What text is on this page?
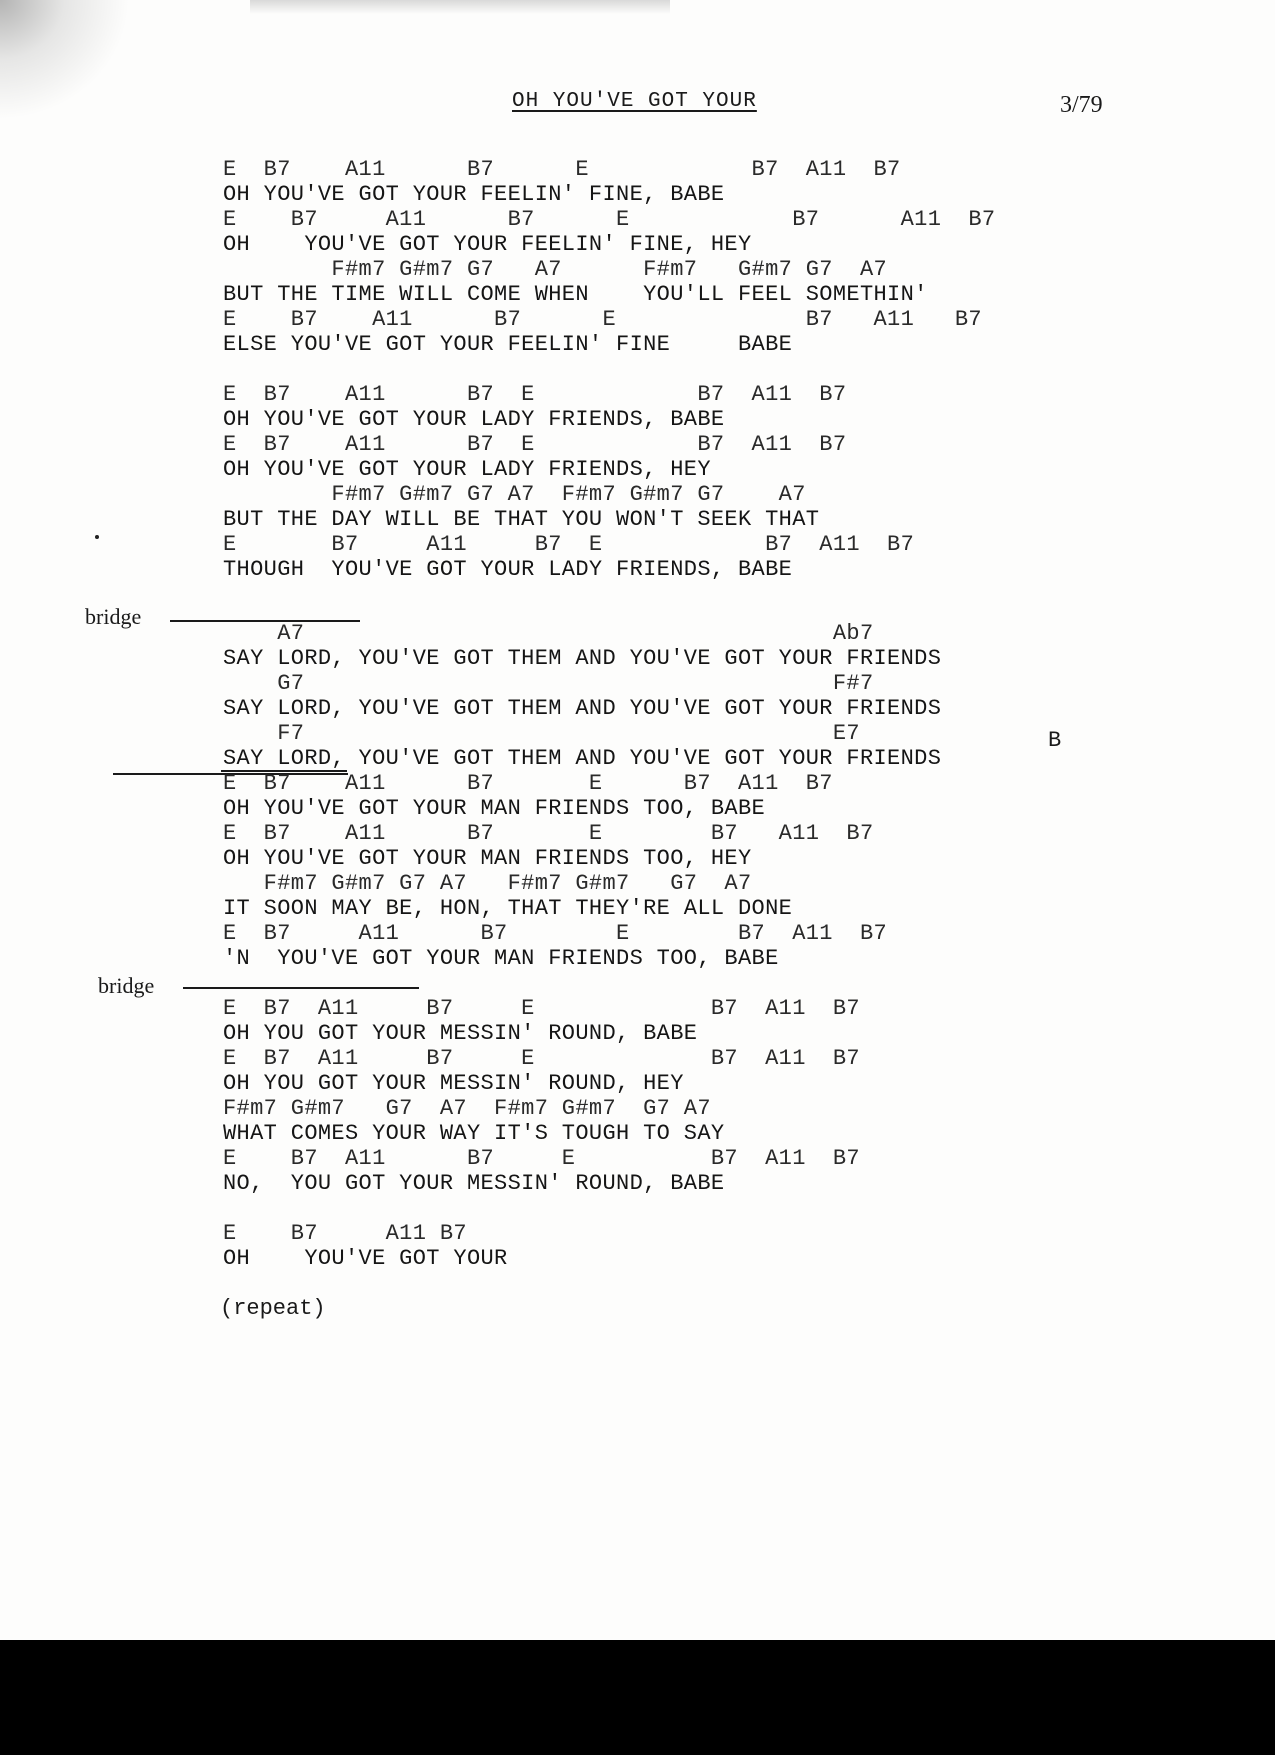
OH YOU'VE GOT YOUR	3/79
bridge
bridge
B
E  B7    A11      B7      E            B7  A11  B7
OH YOU'VE GOT YOUR FEELIN' FINE, BABE
E    B7     A11      B7      E            B7      A11  B7
OH    YOU'VE GOT YOUR FEELIN' FINE, HEY
F#m7 G#m7 G7   A7      F#m7   G#m7 G7  A7
BUT THE TIME WILL COME WHEN    YOU'LL FEEL SOMETHIN'
E    B7    A11      B7      E              B7   A11   B7
ELSE YOU'VE GOT YOUR FEELIN' FINE     BABE
E  B7    A11      B7  E            B7  A11  B7
OH YOU'VE GOT YOUR LADY FRIENDS, BABE
E  B7    A11      B7  E            B7  A11  B7
OH YOU'VE GOT YOUR LADY FRIENDS, HEY
F#m7 G#m7 G7 A7  F#m7 G#m7 G7    A7
BUT THE DAY WILL BE THAT YOU WON'T SEEK THAT
E       B7     A11     B7  E            B7  A11  B7
THOUGH  YOU'VE GOT YOUR LADY FRIENDS, BABE
A7                                       Ab7
SAY LORD, YOU'VE GOT THEM AND YOU'VE GOT YOUR FRIENDS
G7                                       F#7
SAY LORD, YOU'VE GOT THEM AND YOU'VE GOT YOUR FRIENDS
F7                                       E7
SAY LORD, YOU'VE GOT THEM AND YOU'VE GOT YOUR FRIENDS
E  B7    A11      B7       E      B7  A11  B7
OH YOU'VE GOT YOUR MAN FRIENDS TOO, BABE
E  B7    A11      B7       E        B7   A11  B7
OH YOU'VE GOT YOUR MAN FRIENDS TOO, HEY
F#m7 G#m7 G7 A7   F#m7 G#m7   G7  A7
IT SOON MAY BE, HON, THAT THEY'RE ALL DONE
E  B7     A11      B7        E        B7  A11  B7
'N  YOU'VE GOT YOUR MAN FRIENDS TOO, BABE
E  B7  A11     B7     E             B7  A11  B7
OH YOU GOT YOUR MESSIN' ROUND, BABE
E  B7  A11     B7     E             B7  A11  B7
OH YOU GOT YOUR MESSIN' ROUND, HEY
F#m7 G#m7   G7  A7  F#m7 G#m7  G7 A7
WHAT COMES YOUR WAY IT'S TOUGH TO SAY
E    B7  A11      B7     E          B7  A11  B7
NO,  YOU GOT YOUR MESSIN' ROUND, BABE
E    B7     A11 B7
OH    YOU'VE GOT YOUR
(repeat)
